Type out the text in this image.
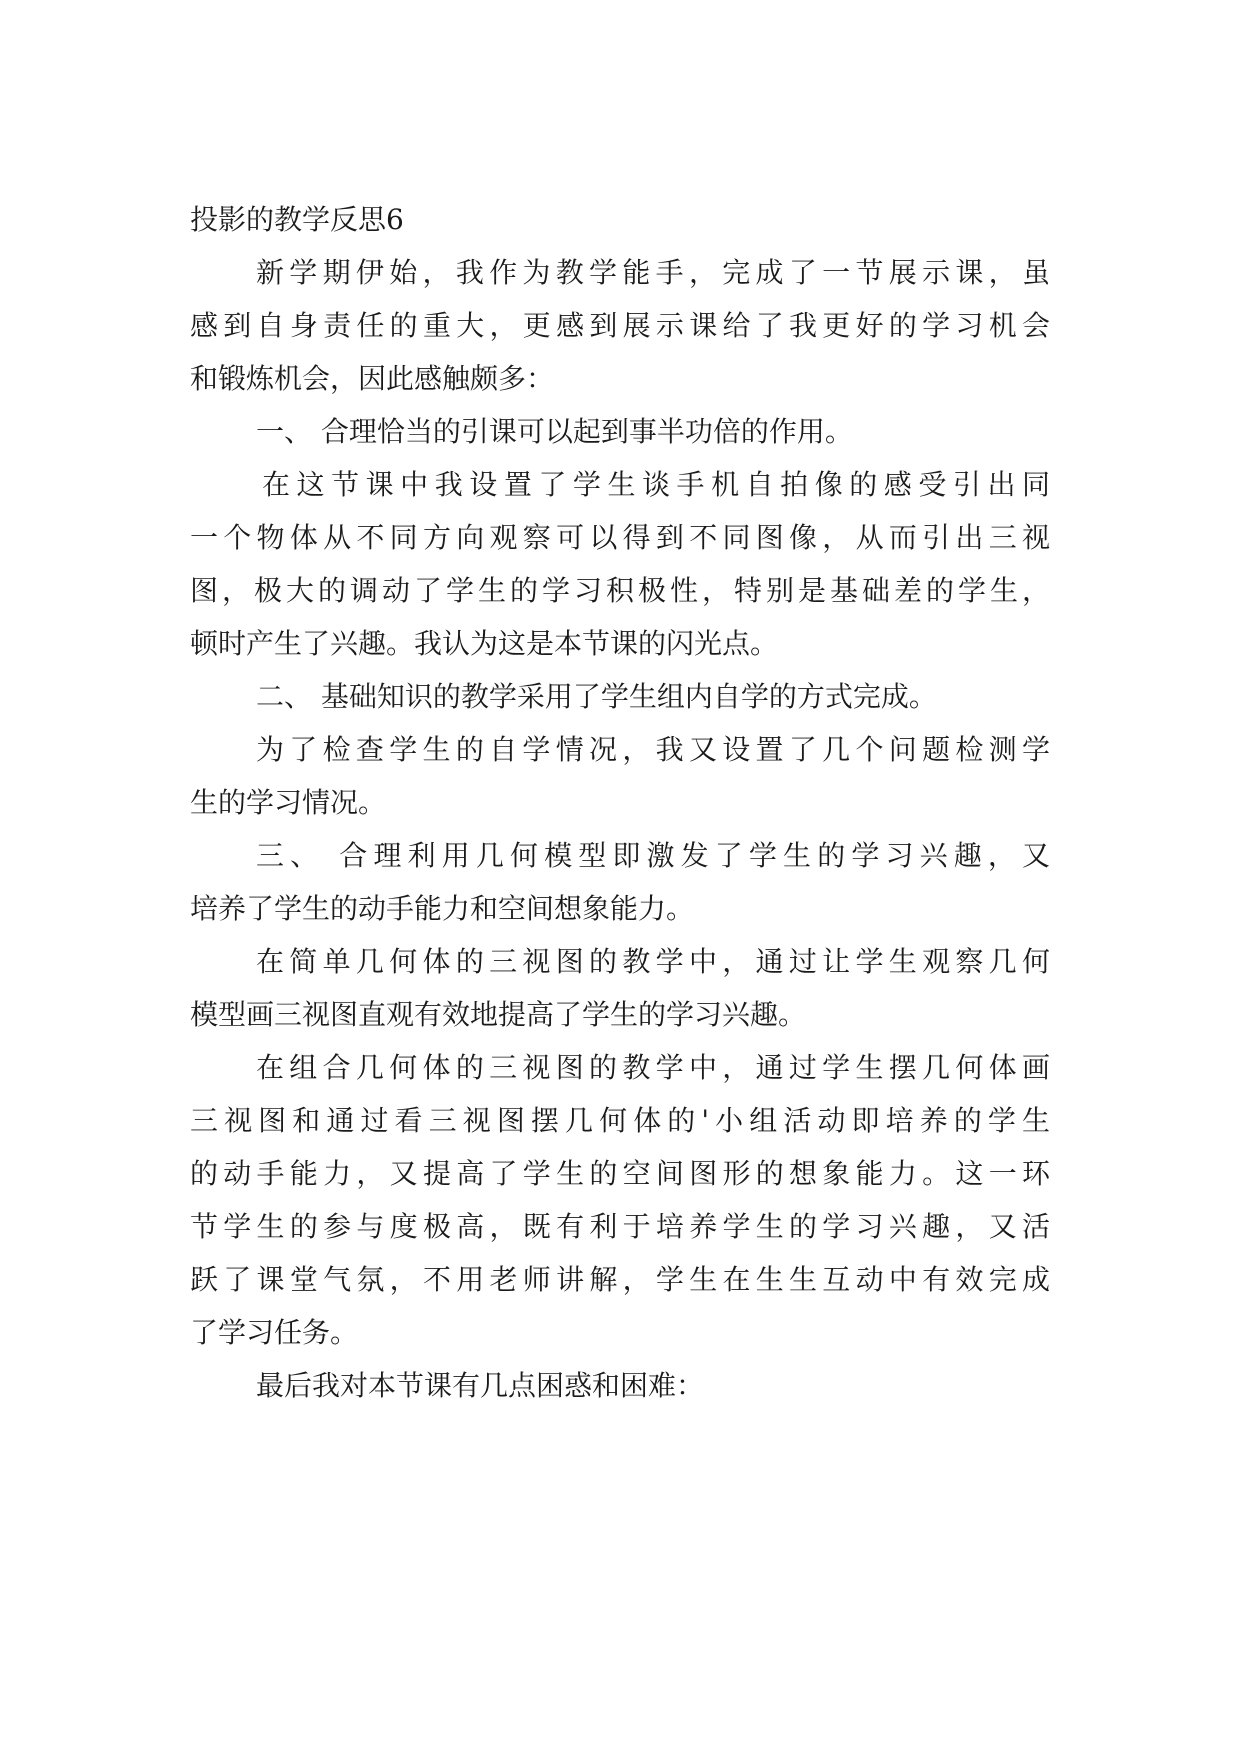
投影的教学反思6
新学期伊始，我作为教学能手，完成了一节展示课，虽
感到自身责任的重大，更感到展示课给了我更好的学习机会
和锻炼机会，因此感触颇多：
一、 合理恰当的引课可以起到事半功倍的作用。
在这节课中我设置了学生谈手机自拍像的感受引出同
一个物体从不同方向观察可以得到不同图像，从而引出三视
图，极大的调动了学生的学习积极性，特别是基础差的学生，
顿时产生了兴趣。我认为这是本节课的闪光点。
二、 基础知识的教学采用了学生组内自学的方式完成。
为了检查学生的自学情况，我又设置了几个问题检测学
生的学习情况。
三、 合理利用几何模型即激发了学生的学习兴趣，又
培养了学生的动手能力和空间想象能力。
在简单几何体的三视图的教学中，通过让学生观察几何
模型画三视图直观有效地提高了学生的学习兴趣。
在组合几何体的三视图的教学中，通过学生摆几何体画
三视图和通过看三视图摆几何体的'小组活动即培养的学生
的动手能力，又提高了学生的空间图形的想象能力。这一环
节学生的参与度极高，既有利于培养学生的学习兴趣，又活
跃了课堂气氛，不用老师讲解，学生在生生互动中有效完成
了学习任务。
最后我对本节课有几点困惑和困难：
